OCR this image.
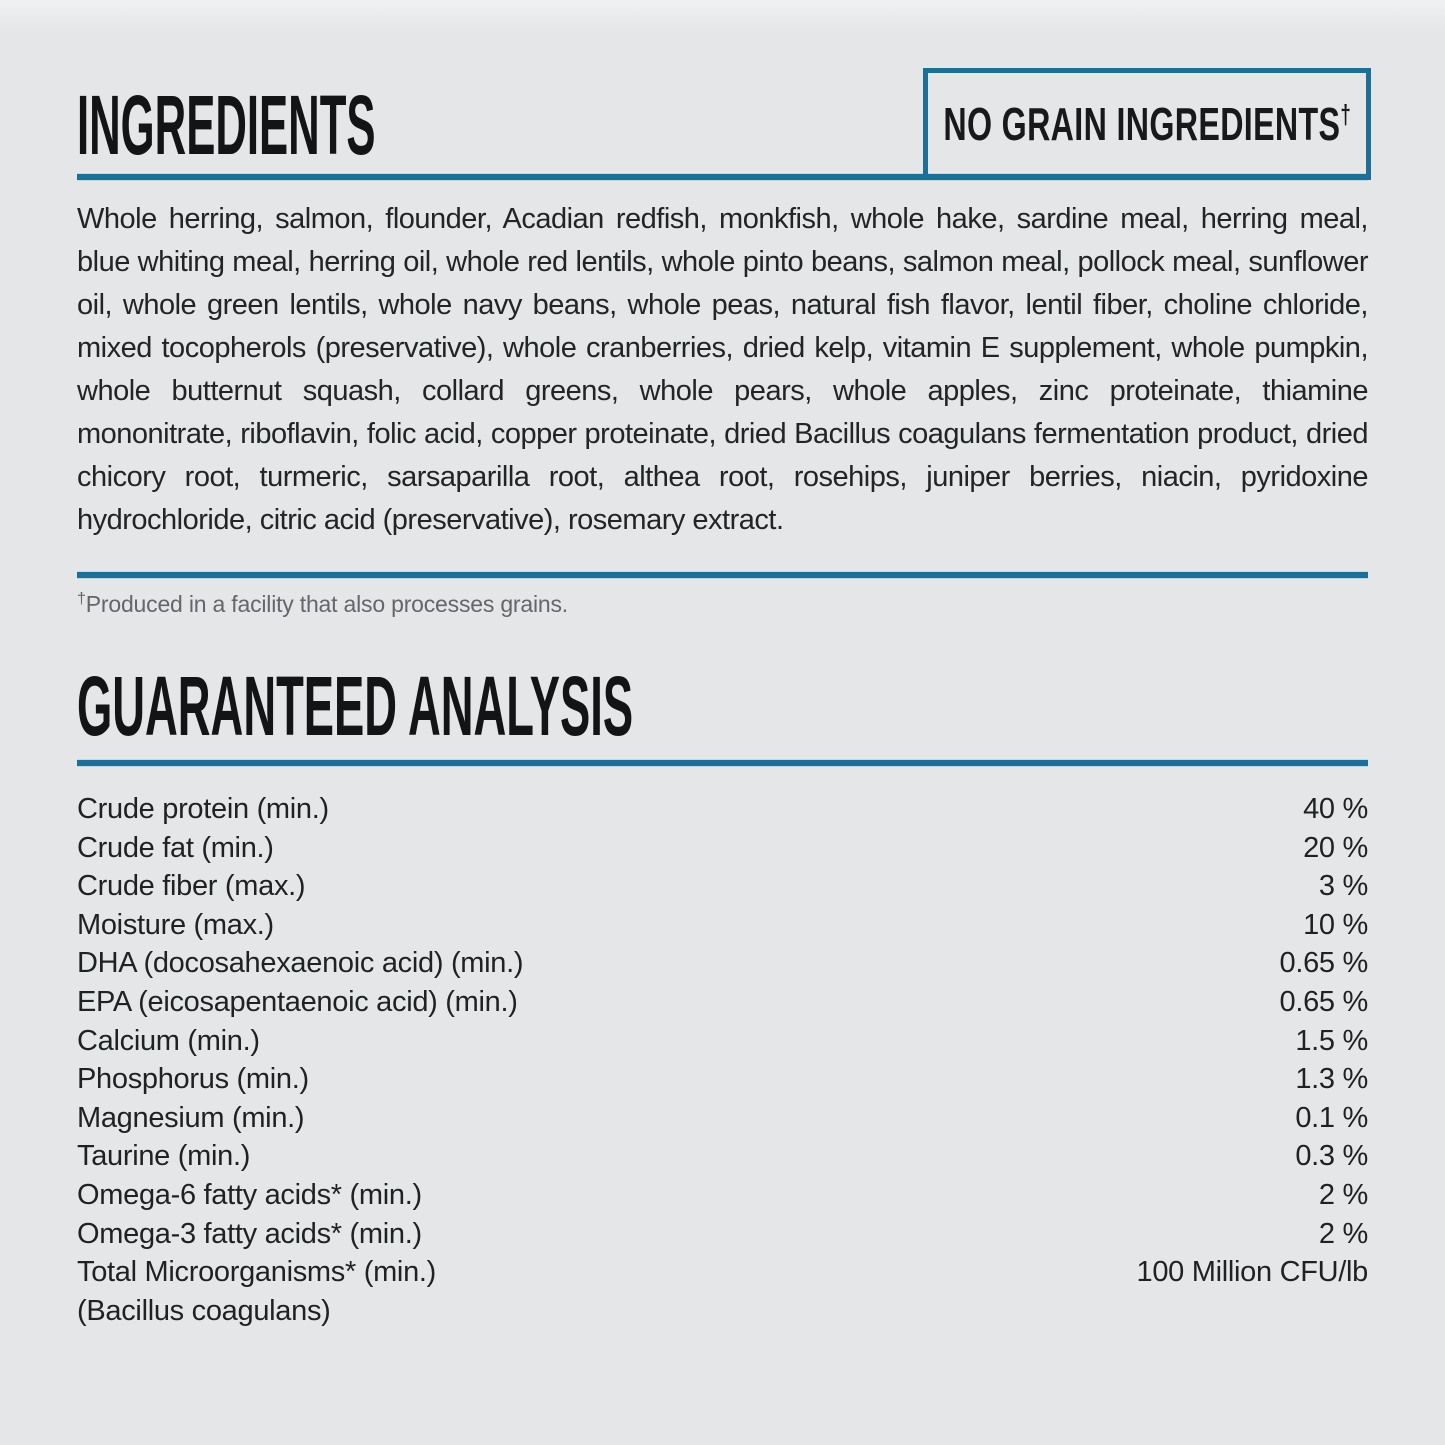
INGREDIENTS	NO GRAIN INGREDIENTS†

Whole herring, salmon, flounder, Acadian redfish, monkfish, whole hake, sardine meal, herring meal, blue whiting meal, herring oil, whole red lentils, whole pinto beans, salmon meal, pollock meal, sunflower oil, whole green lentils, whole navy beans, whole peas, natural fish flavor, lentil fiber, choline chloride, mixed tocopherols (preservative), whole cranberries, dried kelp, vitamin E supplement, whole pumpkin, whole butternut squash, collard greens, whole pears, whole apples, zinc proteinate, thiamine mononitrate, riboflavin, folic acid, copper proteinate, dried Bacillus coagulans fermentation product, dried chicory root, turmeric, sarsaparilla root, althea root, rosehips, juniper berries, niacin, pyridoxine hydrochloride, citric acid (preservative), rosemary extract.

†Produced in a facility that also processes grains.
GUARANTEED ANALYSIS
Crude protein (min.)	40 %
Crude fat (min.)	20 %
Crude fiber (max.)	3 %
Moisture (max.)	10 %
DHA (docosahexaenoic acid) (min.)	0.65 %
EPA (eicosapentaenoic acid) (min.)	0.65 %
Calcium (min.)	1.5 %
Phosphorus (min.)	1.3 %
Magnesium (min.)	0.1 %
Taurine (min.)	0.3 %
Omega-6 fatty acids* (min.)	2 %
Omega-3 fatty acids* (min.)	2 %
Total Microorganisms* (min.)	100 Million CFU/lb
(Bacillus coagulans)
